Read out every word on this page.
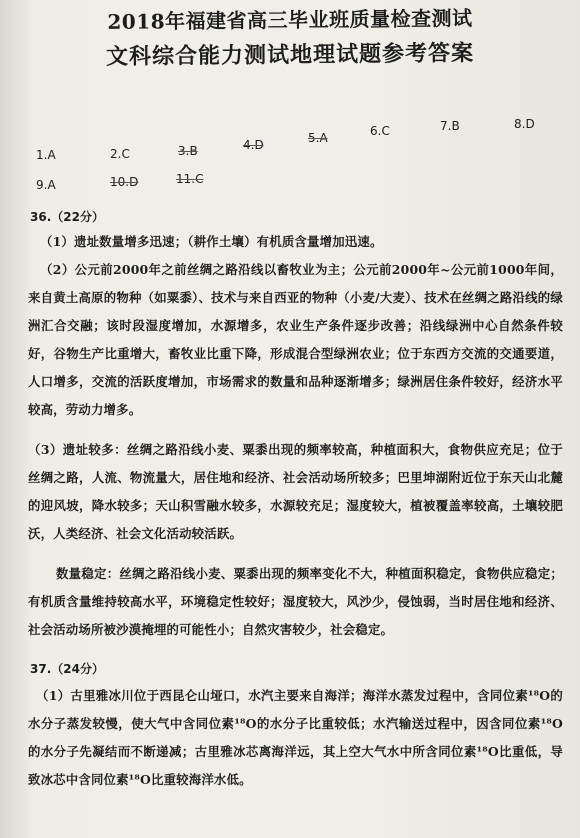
2018年福建省高三毕业班质量检查测试
文科综合能力测试地理试题参考答案
1.A	2.C	3.B	4.D	5.A	6.C	7.B	8.D
9.A	10.D	11.C
36.（22分）
（1）遗址数量增多迅速；（耕作土壤）有机质含量增加迅速。
（2）公元前2000年之前丝绸之路沿线以畜牧业为主；公元前2000年~公元前1000年间，来自黄土高原的物种（如粟黍）、技术与来自西亚的物种（小麦/大麦）、技术在丝绸之路沿线的绿洲汇合交融；该时段湿度增加，水源增多，农业生产条件逐步改善；沿线绿洲中心自然条件较好，谷物生产比重增大，畜牧业比重下降，形成混合型绿洲农业；位于东西方交流的交通要道，人口增多，交流的活跃度增加，市场需求的数量和品种逐渐增多；绿洲居住条件较好，经济水平较高，劳动力增多。
（3）遗址较多：丝绸之路沿线小麦、粟黍出现的频率较高，种植面积大，食物供应充足；位于丝绸之路，人流、物流量大，居住地和经济、社会活动场所较多；巴里坤湖附近位于东天山北麓的迎风坡，降水较多；天山积雪融水较多，水源较充足；湿度较大，植被覆盖率较高，土壤较肥沃，人类经济、社会文化活动较活跃。
数量稳定：丝绸之路沿线小麦、粟黍出现的频率变化不大，种植面积稳定，食物供应稳定；有机质含量维持较高水平，环境稳定性较好；湿度较大，风沙少，侵蚀弱，当时居住地和经济、社会活动场所被沙漠掩埋的可能性小；自然灾害较少，社会稳定。
37.（24分）
（1）古里雅冰川位于西昆仑山垭口，水汽主要来自海洋；海洋水蒸发过程中，含同位素¹⁸O的水分子蒸发较慢，使大气中含同位素¹⁸O的水分子比重较低；水汽输送过程中，因含同位素¹⁸O的水分子先凝结而不断递减；古里雅冰芯离海洋远，其上空大气水中所含同位素¹⁸O比重低，导致冰芯中含同位素¹⁸O比重较海洋水低。
